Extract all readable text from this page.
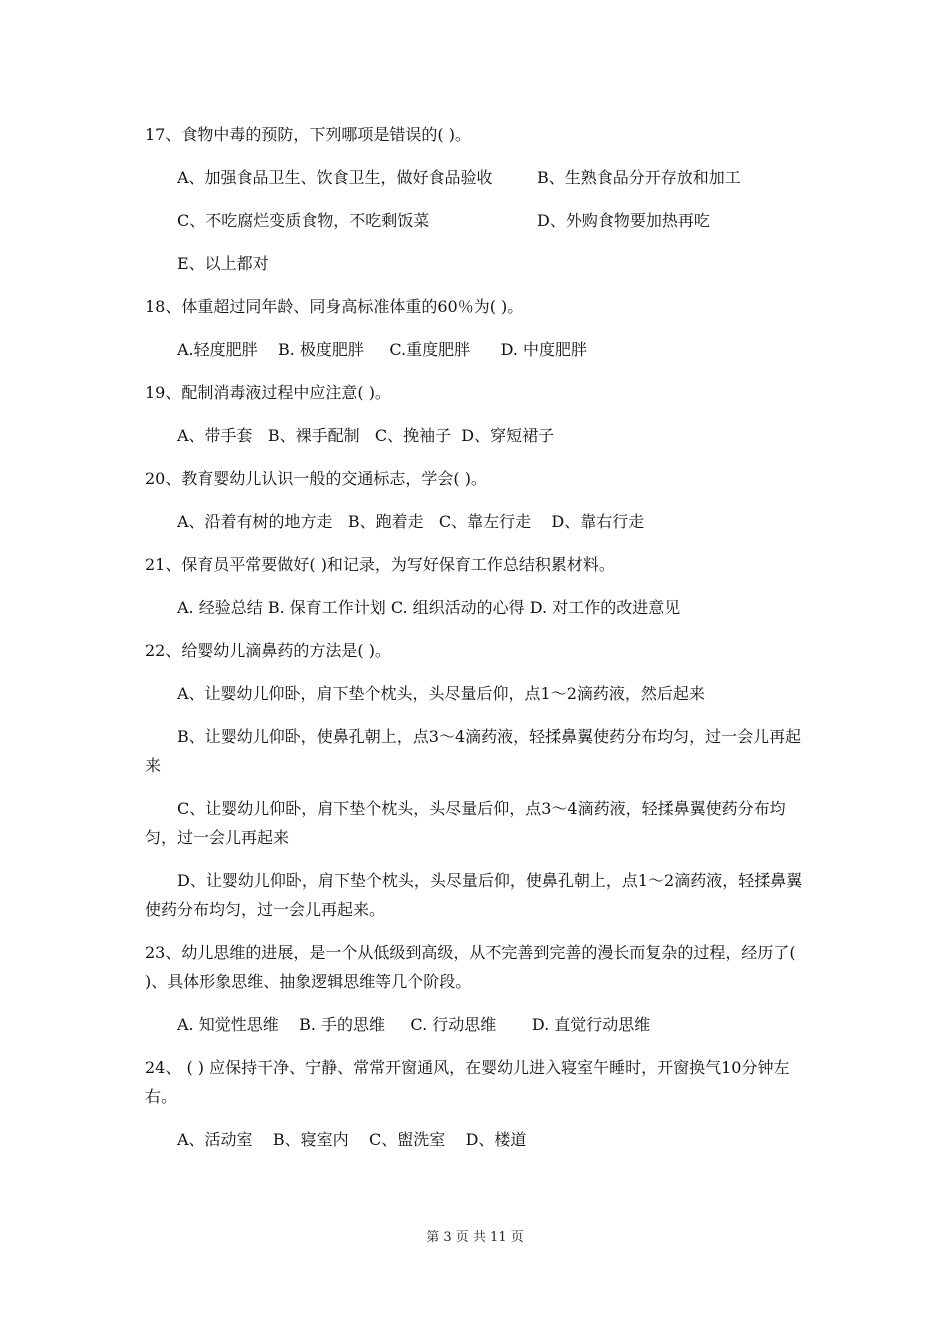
17、食物中毒的预防，下列哪项是错误的( )。
A、加强食品卫生、饮食卫生，做好食品验收	B、生熟食品分开存放和加工
C、不吃腐烂变质食物，不吃剩饭菜	D、外购食物要加热再吃
E、以上都对
18、体重超过同年龄、同身高标准体重的60％为( )。
A.轻度肥胖    B. 极度肥胖     C.重度肥胖      D. 中度肥胖
19、配制消毒液过程中应注意( )。
A、带手套   B、裸手配制   C、挽袖子  D、穿短裙子
20、教育婴幼儿认识一般的交通标志，学会( )。
A、沿着有树的地方走   B、跑着走   C、靠左行走    D、靠右行走
21、保育员平常要做好( )和记录，为写好保育工作总结积累材料。
A. 经验总结 B. 保育工作计划 C. 组织活动的心得 D. 对工作的改进意见
22、给婴幼儿滴鼻药的方法是( )。
A、让婴幼儿仰卧，肩下垫个枕头，头尽量后仰，点1～2滴药液，然后起来
B、让婴幼儿仰卧，使鼻孔朝上，点3～4滴药液，轻揉鼻翼使药分布均匀，过一会儿再起来
C、让婴幼儿仰卧，肩下垫个枕头，头尽量后仰，点3～4滴药液，轻揉鼻翼使药分布均匀，过一会儿再起来
D、让婴幼儿仰卧，肩下垫个枕头，头尽量后仰，使鼻孔朝上，点1～2滴药液，轻揉鼻翼使药分布均匀，过一会儿再起来。
23、幼儿思维的进展，是一个从低级到高级，从不完善到完善的漫长而复杂的过程，经历了( )、具体形象思维、抽象逻辑思维等几个阶段。
A. 知觉性思维    B. 手的思维     C. 行动思维       D. 直觉行动思维
24、 ( ) 应保持干净、宁静、常常开窗通风，在婴幼儿进入寝室午睡时，开窗换气10分钟左右。
A、活动室    B、寝室内    C、盥洗室    D、楼道
第 3 页 共 11 页
